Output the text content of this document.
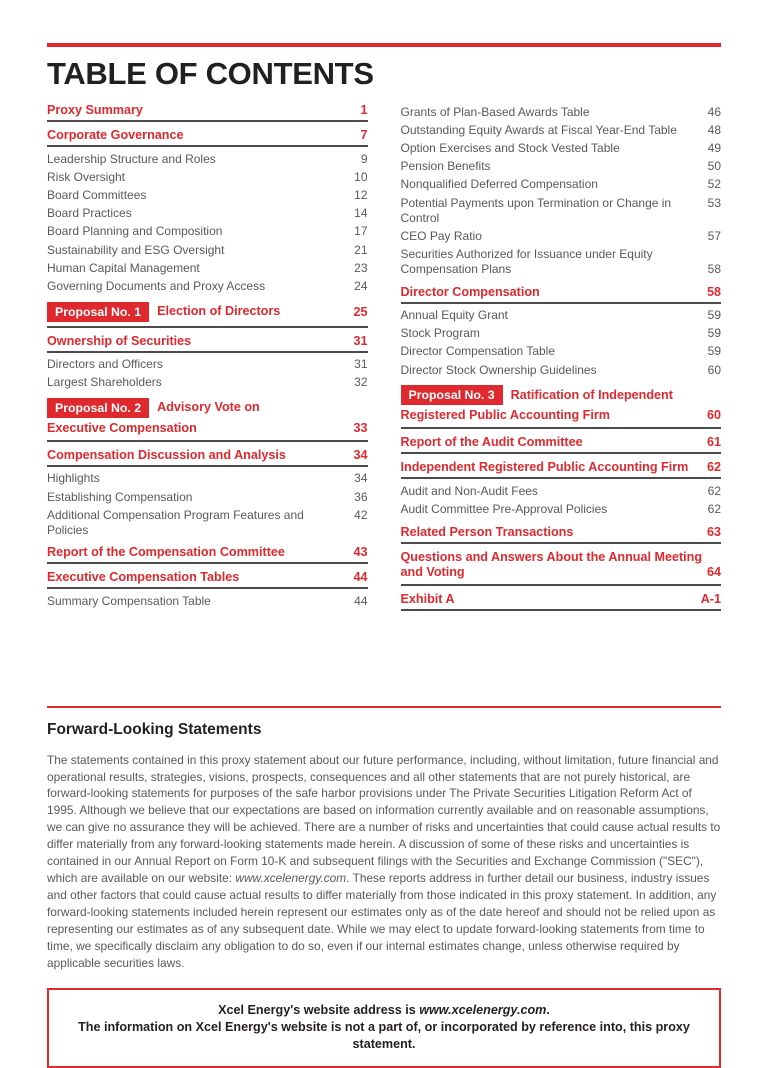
TABLE OF CONTENTS
Proxy Summary	1
Corporate Governance	7
Leadership Structure and Roles	9
Risk Oversight	10
Board Committees	12
Board Practices	14
Board Planning and Composition	17
Sustainability and ESG Oversight	21
Human Capital Management	23
Governing Documents and Proxy Access	24
Proposal No. 1	Election of Directors	25
Ownership of Securities	31
Directors and Officers	31
Largest Shareholders	32
Proposal No. 2	Advisory Vote on
Executive Compensation	33
Compensation Discussion and Analysis	34
Highlights	34
Establishing Compensation	36
Additional Compensation Program Features and Policies
42
Report of the Compensation Committee	43
Executive Compensation Tables	44
Summary Compensation Table	44
Grants of Plan-Based Awards Table	46
Outstanding Equity Awards at Fiscal Year-End Table	48
Option Exercises and Stock Vested Table	49
Pension Benefits	50
Nonqualified Deferred Compensation	52
Potential Payments upon Termination or Change in Control
53
CEO Pay Ratio	57
Securities Authorized for Issuance under Equity Compensation Plans	58
Director Compensation	58
Annual Equity Grant	59
Stock Program	59
Director Compensation Table	59
Director Stock Ownership Guidelines	60
Proposal No. 3	Ratification of Independent
Registered Public Accounting Firm	60
Report of the Audit Committee	61
Independent Registered Public Accounting Firm	62
Audit and Non-Audit Fees	62
Audit Committee Pre-Approval Policies	62
Related Person Transactions	63
Questions and Answers About the Annual Meeting
and Voting	64
Exhibit A	A-1
Forward-Looking Statements

The statements contained in this proxy statement about our future performance, including, without limitation, future financial and operational results, strategies, visions, prospects, consequences and all other statements that are not purely historical, are forward-looking statements for purposes of the safe harbor provisions under The Private Securities Litigation Reform Act of 1995. Although we believe that our expectations are based on information currently available and on reasonable assumptions, we can give no assurance they will be achieved. There are a number of risks and uncertainties that could cause actual results to differ materially from any forward-looking statements made herein. A discussion of some of these risks and uncertainties is contained in our Annual Report on Form 10-K and subsequent filings with the Securities and Exchange Commission ("SEC"), which are available on our website: www.xcelenergy.com. These reports address in further detail our business, industry issues and other factors that could cause actual results to differ materially from those indicated in this proxy statement. In addition, any forward-looking statements included herein represent our estimates only as of the date hereof and should not be relied upon as representing our estimates as of any subsequent date. While we may elect to update forward-looking statements from time to time, we specifically disclaim any obligation to do so, even if our internal estimates change, unless otherwise required by applicable securities laws.

Xcel Energy's website address is www.xcelenergy.com.
The information on Xcel Energy's website is not a part of, or incorporated by reference into, this proxy statement.
